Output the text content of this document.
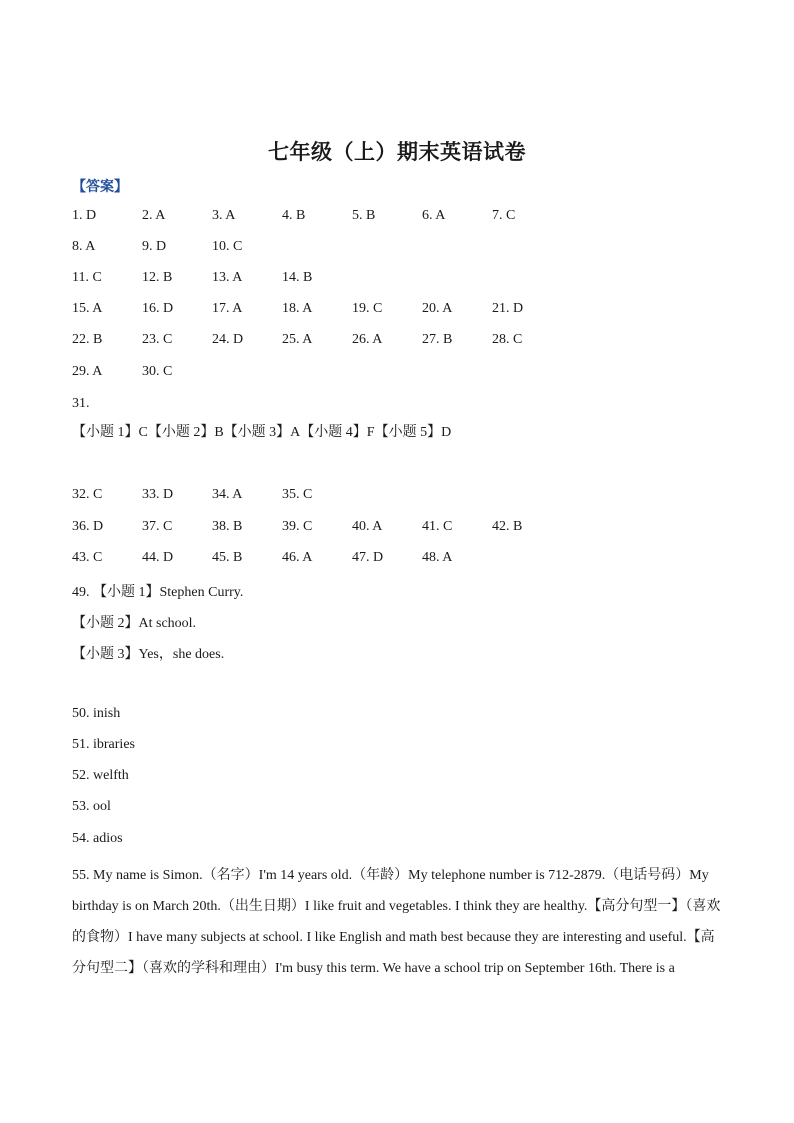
七年级（上）期末英语试卷
【答案】
1. D	2. A	3. A	4. B	5. B	6. A	7. C
8. A	9. D	10. C
11. C	12. B	13. A	14. B
15. A	16. D	17. A	18. A	19. C	20. A	21. D
22. B	23. C	24. D	25. A	26. A	27. B	28. C
29. A	30. C
31.
【小题 1】C【小题 2】B【小题 3】A【小题 4】F【小题 5】D
32. C	33. D	34. A	35. C
36. D	37. C	38. B	39. C	40. A	41. C	42. B
43. C	44. D	45. B	46. A	47. D	48. A
49. 【小题 1】Stephen Curry.
【小题 2】At school.
【小题 3】Yes，she does.
50. inish
51. ibraries
52. welfth
53. ool
54. adios

55. My name is Simon.（名字）I'm 14 years old.（年龄）My telephone number is 712-2879.（电话号码）My birthday is on March 20th.（出生日期）I like fruit and vegetables. I think they are healthy.【高分句型一】（喜欢的食物）I have many subjects at school. I like English and math best because they are interesting and useful.【高分句型二】（喜欢的学科和理由）I'm busy this term. We have a school trip on September 16th. There is a
